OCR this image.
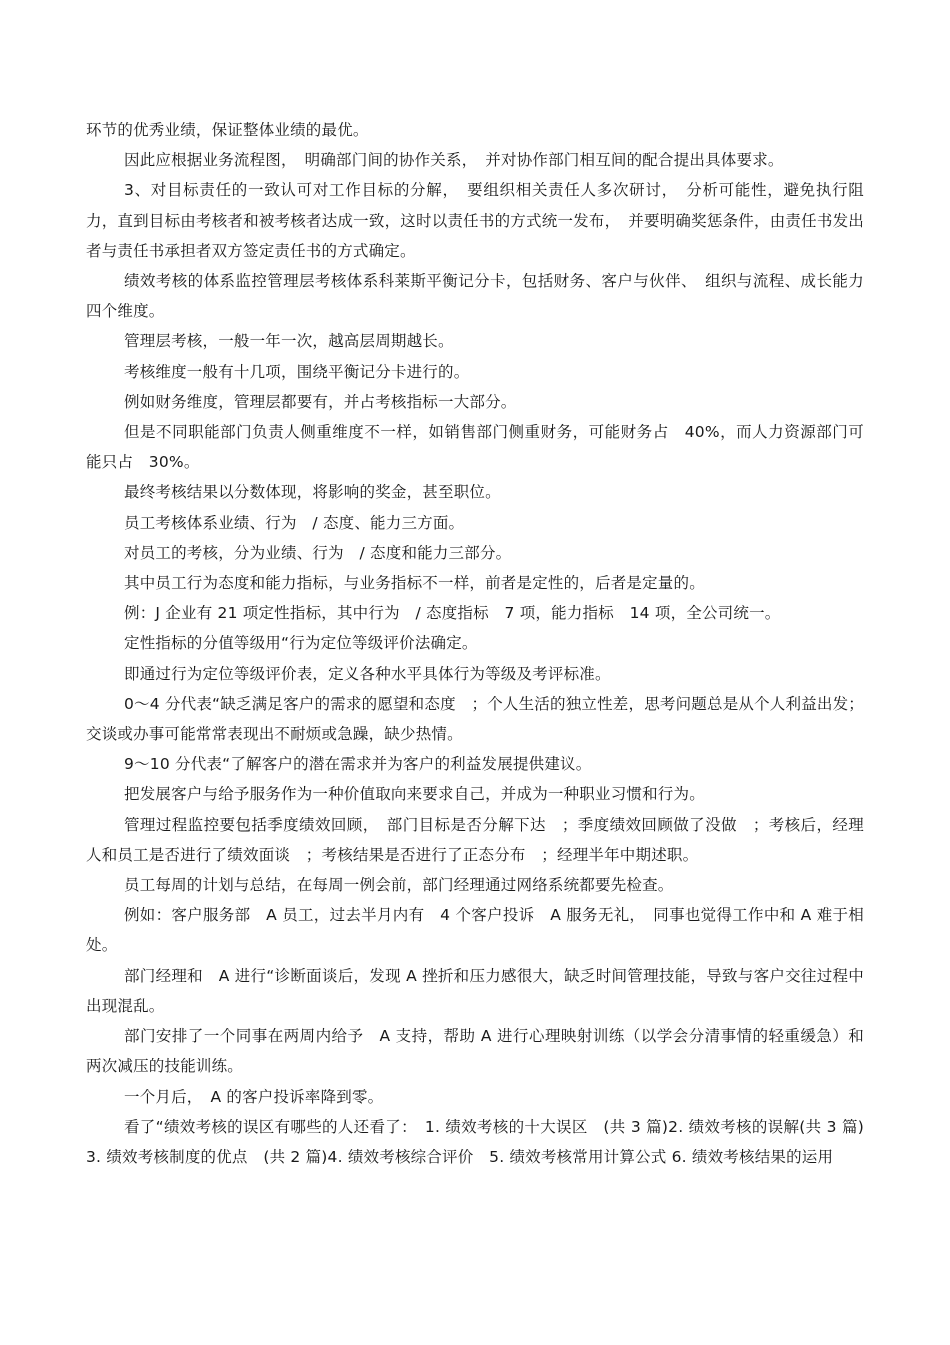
环节的优秀业绩，保证整体业绩的最优。

因此应根据业务流程图，　明确部门间的协作关系，　并对协作部门相互间的配合提出具体要求。

3、对目标责任的一致认可对工作目标的分解，　要组织相关责任人多次研讨，　分析可能性，避免执行阻力，直到目标由考核者和被考核者达成一致，这时以责任书的方式统一发布，　并要明确奖惩条件，由责任书发出者与责任书承担者双方签定责任书的方式确定。

绩效考核的体系监控管理层考核体系科莱斯平衡记分卡，包括财务、客户与伙伴、　组织与流程、成长能力四个维度。

管理层考核，一般一年一次，越高层周期越长。

考核维度一般有十几项，围绕平衡记分卡进行的。

例如财务维度，管理层都要有，并占考核指标一大部分。

但是不同职能部门负责人侧重维度不一样，如销售部门侧重财务，可能财务占　40%，而人力资源部门可能只占　30%。

最终考核结果以分数体现，将影响的奖金，甚至职位。

员工考核体系业绩、行为　/ 态度、能力三方面。

对员工的考核，分为业绩、行为　/ 态度和能力三部分。

其中员工行为态度和能力指标，与业务指标不一样，前者是定性的，后者是定量的。

例：J 企业有 21 项定性指标，其中行为　/ 态度指标　7 项，能力指标　14 项，全公司统一。

定性指标的分值等级用“行为定位等级评价法确定。

即通过行为定位等级评价表，定义各种水平具体行为等级及考评标准。

0～4 分代表“缺乏满足客户的需求的愿望和态度　；个人生活的独立性差，思考问题总是从个人利益出发；交谈或办事可能常常表现出不耐烦或急躁，缺少热情。

9～10 分代表“了解客户的潜在需求并为客户的利益发展提供建议。

把发展客户与给予服务作为一种价值取向来要求自己，并成为一种职业习惯和行为。

管理过程监控要包括季度绩效回顾，　部门目标是否分解下达　；季度绩效回顾做了没做　；考核后，经理人和员工是否进行了绩效面谈　；考核结果是否进行了正态分布　；经理半年中期述职。

员工每周的计划与总结，在每周一例会前，部门经理通过网络系统都要先检查。

例如：客户服务部　A 员工，过去半月内有　4 个客户投诉　A 服务无礼，　同事也觉得工作中和 A 难于相处。

部门经理和　A 进行“诊断面谈后，发现 A 挫折和压力感很大，缺乏时间管理技能，导致与客户交往过程中出现混乱。

部门安排了一个同事在两周内给予　A 支持，帮助 A 进行心理映射训练（以学会分清事情的轻重缓急）和两次减压的技能训练。

一个月后，　A 的客户投诉率降到零。

看了“绩效考核的误区有哪些的人还看了：　1. 绩效考核的十大误区　(共 3 篇)2. 绩效考核的误解(共 3 篇)3. 绩效考核制度的优点　(共 2 篇)4. 绩效考核综合评价　5. 绩效考核常用计算公式 6. 绩效考核结果的运用
